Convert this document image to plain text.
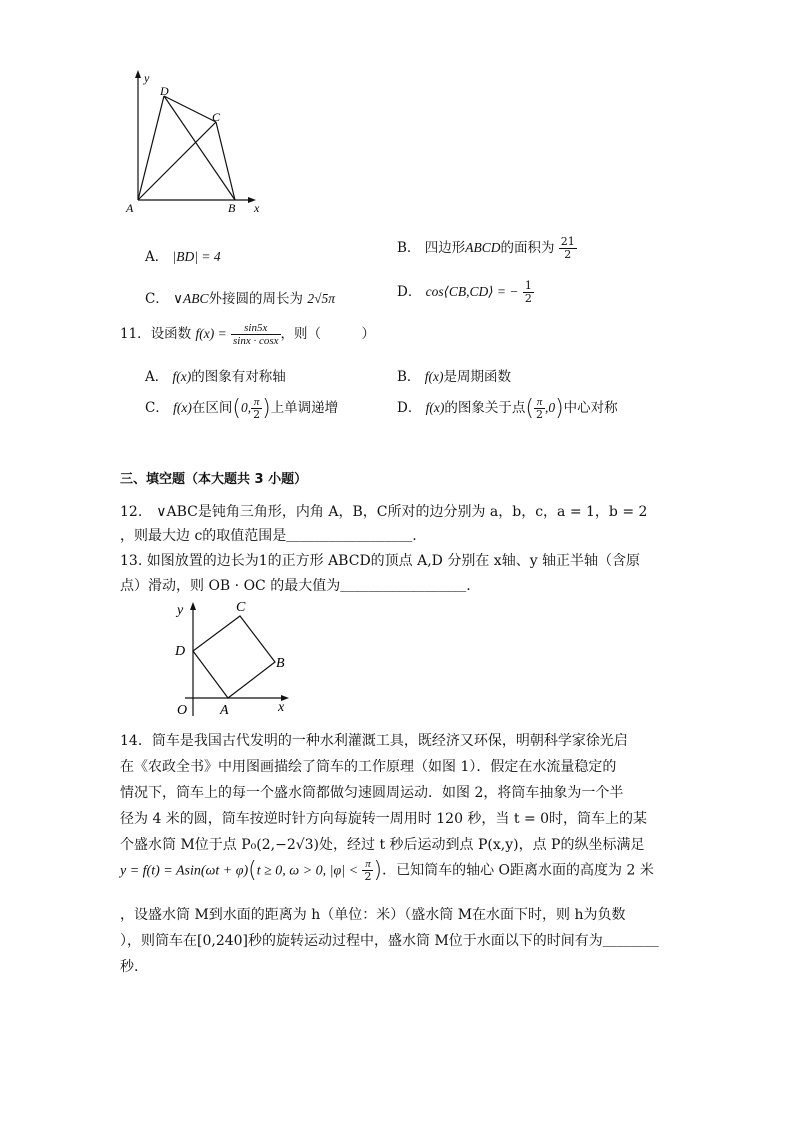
y
x
A	B
C
D
A． |BD| = 4
B． 四边形ABCD的面积为 $\frac{21}{2}$
C． ∨ABC外接圆的周长为 2√5π	D． cos⟨CB,CD⟩ = − $\frac{1}{2}$
11．设函数 $f(x) = \frac{\sin 5x}{\sin x \cdot \cos x}$ ，则（　　　）
A． f(x)的图象有对称轴	B． f(x)是周期函数
C． f(x)在区间(0, $\frac{\pi}{2}$ )上单调递增	D． f(x)的图象关于点( $\frac{\pi}{2} ,0$)中心对称
三、填空题（本大题共 3 小题）
12.　∨ABC是钝角三角形，内角 A，B，C所对的边分别为 a，b，c，a = 1，b = 2
，则最大边 c的取值范围是＿＿＿＿＿＿＿＿＿.
13. 如图放置的边长为1的正方形 ABCD的顶点 A,D 分别在 x轴、y 轴正半轴（含原
点）滑动，则 OB · OC 的最大值为＿＿＿＿＿＿＿＿＿.
y
x
O A
B
C
D
14．筒车是我国古代发明的一种水利灌溉工具，既经济又环保，明朝科学家徐光启
在《农政全书》中用图画描绘了筒车的工作原理（如图 1）．假定在水流量稳定的
情况下，筒车上的每一个盛水筒都做匀速圆周运动．如图 2，将筒车抽象为一个半
径为 4 米的圆，筒车按逆时针方向每旋转一周用时 120 秒，当 t = 0时，筒车上的某
个盛水筒 M位于点 P₀(2,−2√3)处，经过 t 秒后运动到点 P(x,y)，点 P的纵坐标满足
y = f(t) = Asin(ωt + φ)(t ≥ 0, ω > 0, $|\varphi| < \frac{\pi}{2}$ )．已知筒车的轴心 O距离水面的高度为 2 米
，设盛水筒 M到水面的距离为 h（单位：米）（盛水筒 M在水面下时，则 h为负数
），则筒车在[0,240]秒的旋转运动过程中，盛水筒 M位于水面以下的时间有为＿＿＿＿
秒.
